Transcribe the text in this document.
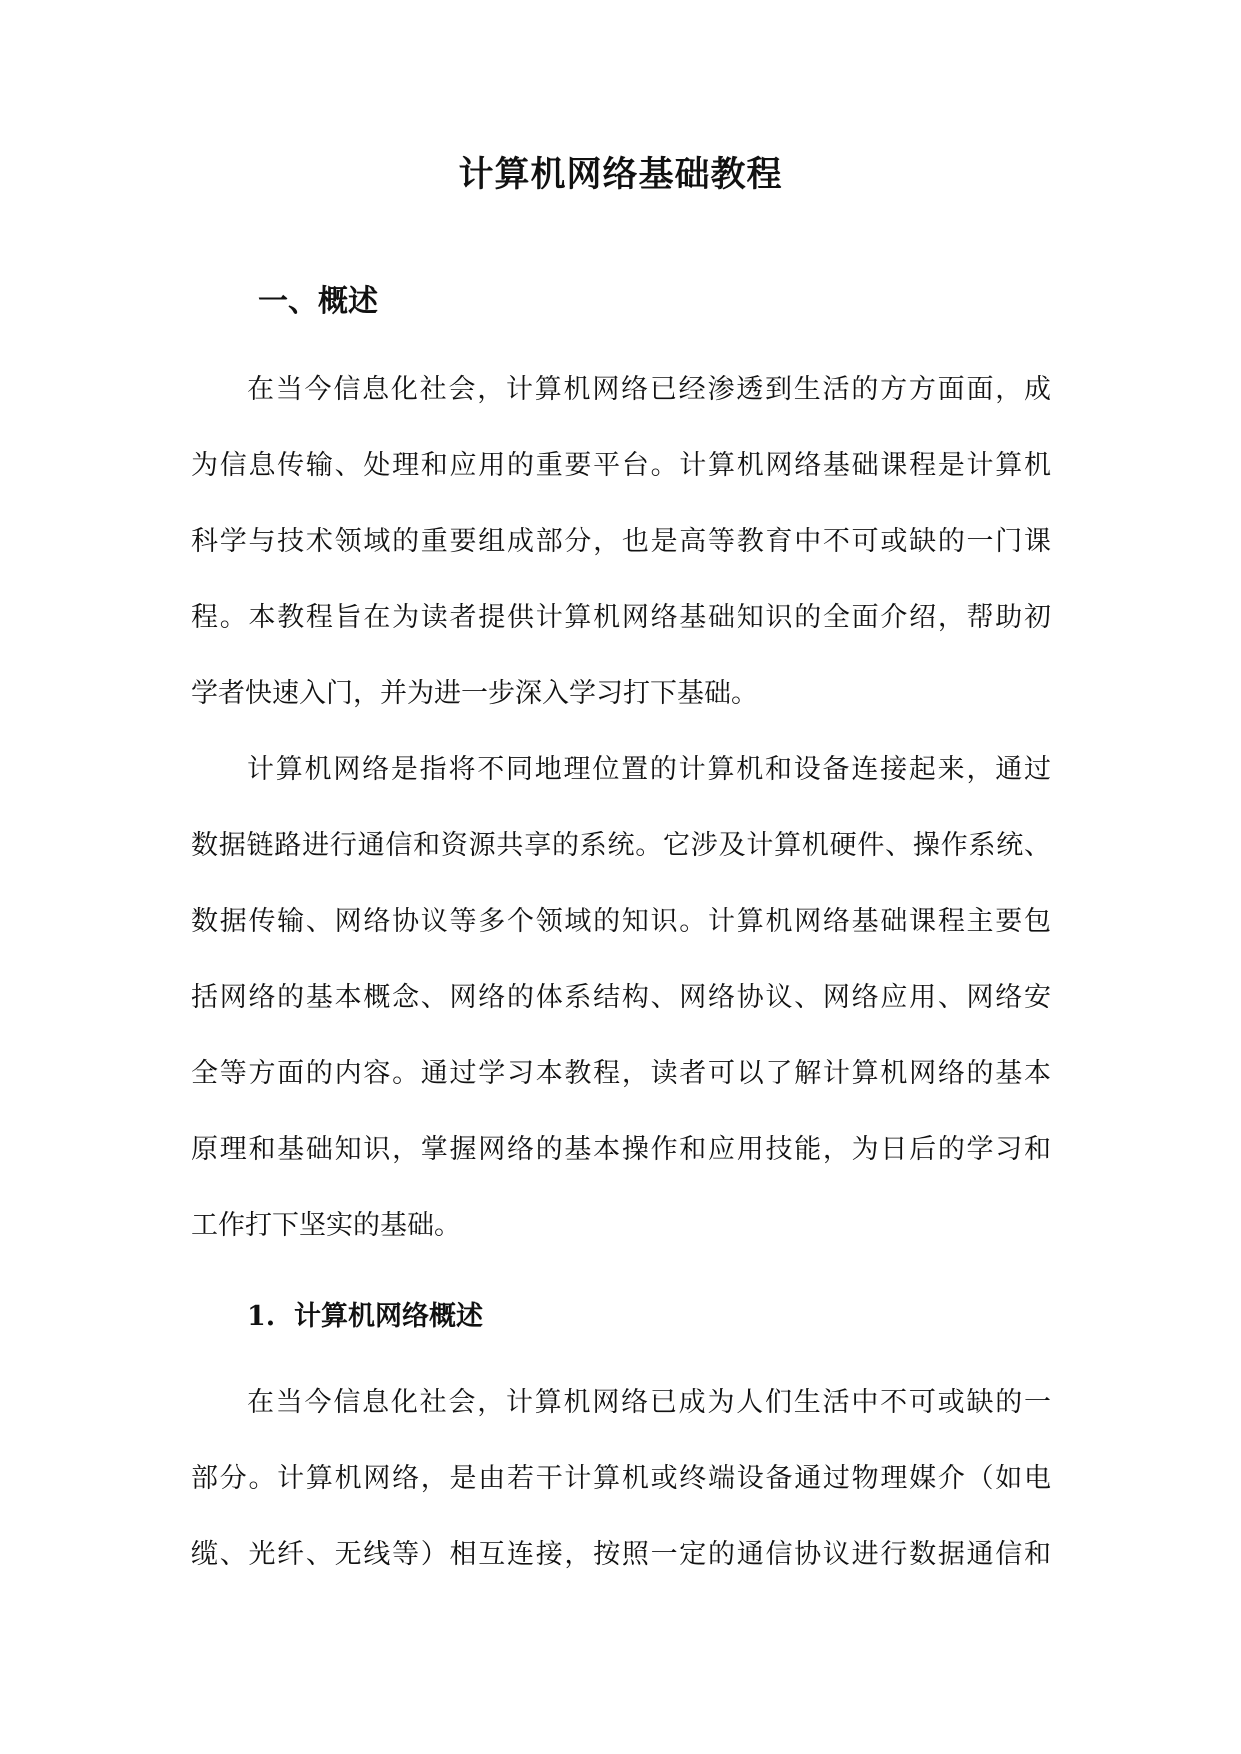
计算机网络基础教程
一、概述
在当今信息化社会，计算机网络已经渗透到生活的方方面面，成
为信息传输、处理和应用的重要平台。计算机网络基础课程是计算机
科学与技术领域的重要组成部分，也是高等教育中不可或缺的一门课
程。本教程旨在为读者提供计算机网络基础知识的全面介绍，帮助初
学者快速入门，并为进一步深入学习打下基础。
计算机网络是指将不同地理位置的计算机和设备连接起来，通过
数据链路进行通信和资源共享的系统。它涉及计算机硬件、操作系统、
数据传输、网络协议等多个领域的知识。计算机网络基础课程主要包
括网络的基本概念、网络的体系结构、网络协议、网络应用、网络安
全等方面的内容。通过学习本教程，读者可以了解计算机网络的基本
原理和基础知识，掌握网络的基本操作和应用技能，为日后的学习和
工作打下坚实的基础。
1.  计算机网络概述
在当今信息化社会，计算机网络已成为人们生活中不可或缺的一
部分。计算机网络，是由若干计算机或终端设备通过物理媒介（如电
缆、光纤、无线等）相互连接，按照一定的通信协议进行数据通信和
